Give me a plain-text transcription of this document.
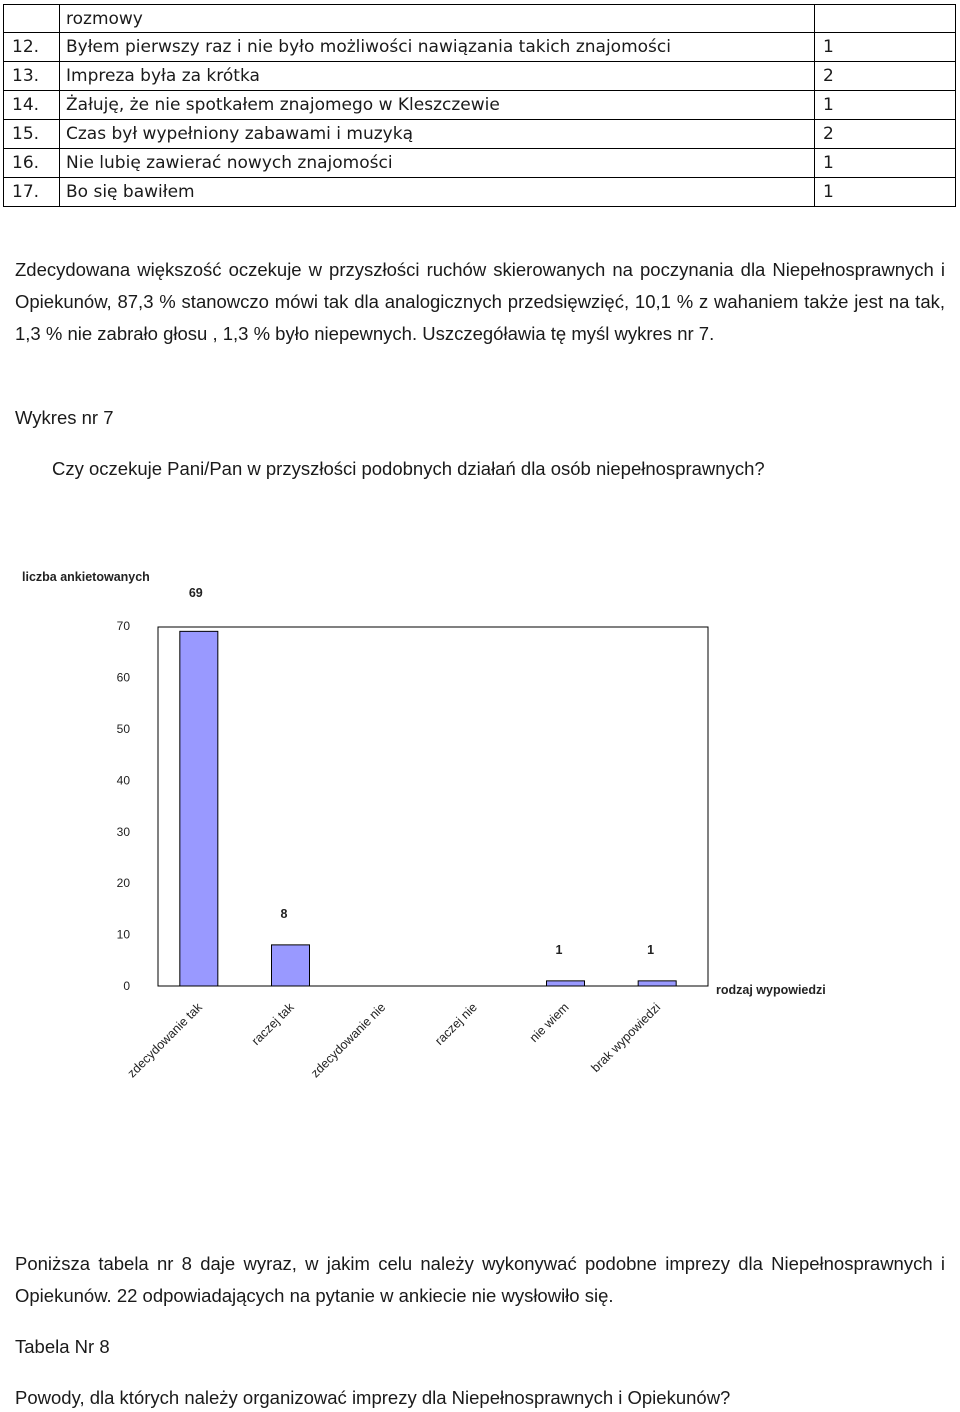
	rozmowy	
12.	Byłem pierwszy raz i nie było możliwości nawiązania takich znajomości	1
13.	Impreza była za krótka	2
14.	Żałuję, że nie spotkałem znajomego w Kleszczewie	1
15.	Czas był wypełniony zabawami i muzyką	2
16.	Nie lubię zawierać nowych znajomości	1
17.	Bo się bawiłem	1

Zdecydowana większość oczekuje w przyszłości ruchów skierowanych na poczynania dla Niepełnosprawnych i Opiekunów, 87,3 % stanowczo mówi tak dla analogicznych przedsięwzięć, 10,1 % z wahaniem także jest na tak, 1,3 % nie zabrało głosu , 1,3 % było niepewnych. Uszczegóławia tę myśl wykres nr 7.

Wykres nr 7

Czy oczekuje Pani/Pan w przyszłości podobnych działań dla osób niepełnosprawnych?

liczba ankietowanych
0
10
20
30
40
50
60
70
69
8
1	1
zdecydowanie tak	raczej tak zdecydowanie nie	raczej nie	nie wiem brak wypowiedzi
rodzaj wypowiedzi

Poniższa tabela nr 8 daje wyraz, w jakim celu należy wykonywać podobne imprezy dla Niepełnosprawnych i Opiekunów. 22 odpowiadających na pytanie w ankiecie nie wysłowiło się.

Tabela Nr 8

Powody, dla których należy organizować imprezy dla Niepełnosprawnych i Opiekunów?
